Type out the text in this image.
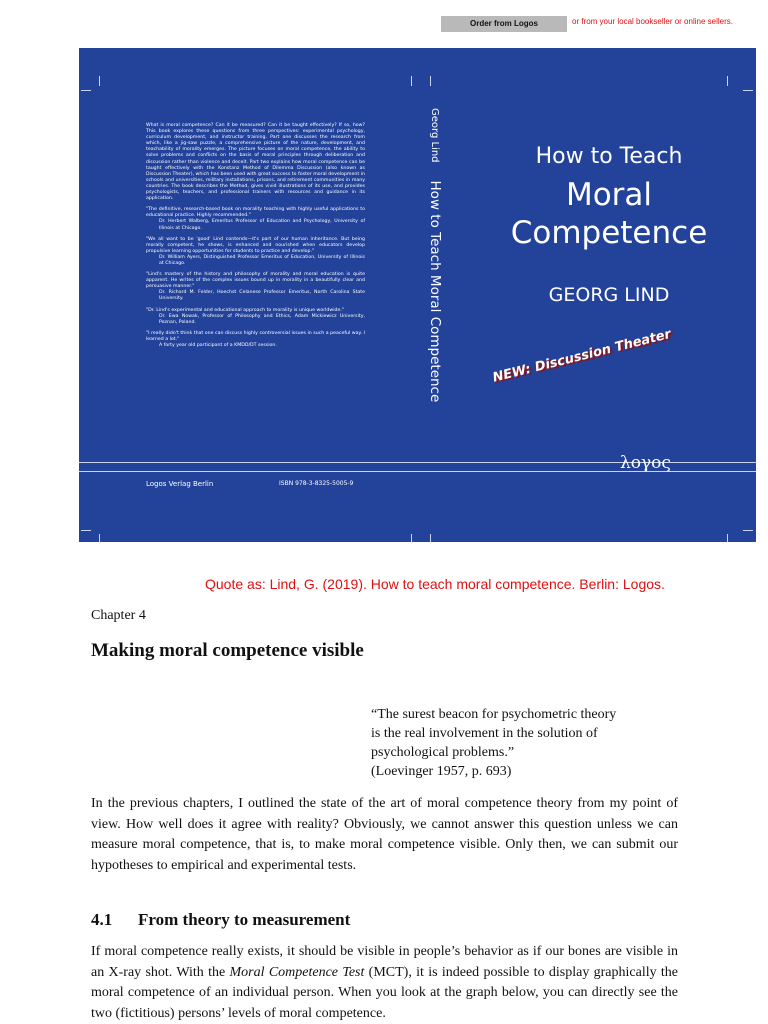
Order from Logos	or from your local bookseller or online sellers.

What is moral competence? Can it be measured? Can it be taught effectively? If so, how? This book explores these questions from three perspectives: experimental psychology, curriculum development, and instructor training. Part one discusses the research from which, like a jig-saw puzzle, a comprehensive picture of the nature, development, and teachability of morality emerges. The picture focuses on moral competence, the ability to solve problems and conflicts on the basis of moral principles through deliberation and discussion rather than violence and deceit. Part two explains how moral competence can be taught effectively with the Konstanz Method of Dilemma Discussion (also known as Discussion Theater), which has been used with great success to foster moral development in schools and universities, military installations, prisons, and retirement communities in many countries. The book describes the Method, gives vivid illustrations of its use, and provides psychologists, teachers, and professional trainers with resources and guidance in its application.

"The definitive, research-based book on morality teaching with highly useful applications to educational practice. Highly recommended."
Dr. Herbert Walberg, Emeritus Professor of Education and Psychology, University of Illinois at Chicago.
"We all want to be 'good' Lind contends—it's part of our human inheritance. But being morally competent, he shows, is enhanced and nourished when educators develop propulsive learning opportunities for students to practice and develop."
Dr. William Ayers, Distinguished Professor Emeritus of Education, University of Illinois at Chicago.
"Lind's mastery of the history and philosophy of morality and moral education is quite apparent. He writes of the complex issues bound up in morality in a beautifully clear and persuasive manner."
Dr. Richard M. Felder, Hoechst Celanese Professor Emeritus, North Carolina State University.
"Dr. Lind's experimental and educational approach to morality is unique worldwide."
Dr. Ewa Nowak, Professor of Philosophy and Ethics, Adam Mickiewicz University, Poznan, Poland.
"I really didn't think that one can discuss highly controversial issues in such a peaceful way. I learned a lot."
A forty year old participant of a KMDD/DT session.
Logos Verlag Berlin	ISBN 978-3-8325-5005-9
Georg Lind
How to Teach Moral Competence
How to Teach
Moral
Competence
GEORG LIND
NEW: Discussion Theater
λογος
Quote as: Lind, G. (2019). How to teach moral competence. Berlin: Logos.
Chapter 4
Making moral competence visible
“The surest beacon for psychometric theory
is the real involvement in the solution of
psychological problems.”
(Loevinger 1957, p. 693)

In the previous chapters, I outlined the state of the art of moral competence theory from my point of view. How well does it agree with reality? Obviously, we cannot answer this question unless we can measure moral competence, that is, to make moral competence visible. Only then, we can submit our hypotheses to empirical and experimental tests.

4.1 From theory to measurement

If moral competence really exists, it should be visible in people’s behavior as if our bones are visible in an X-ray shot. With the Moral Competence Test (MCT), it is indeed possible to display graphically the moral competence of an individual person. When you look at the graph below, you can directly see the two (fictitious) persons’ levels of moral competence.
